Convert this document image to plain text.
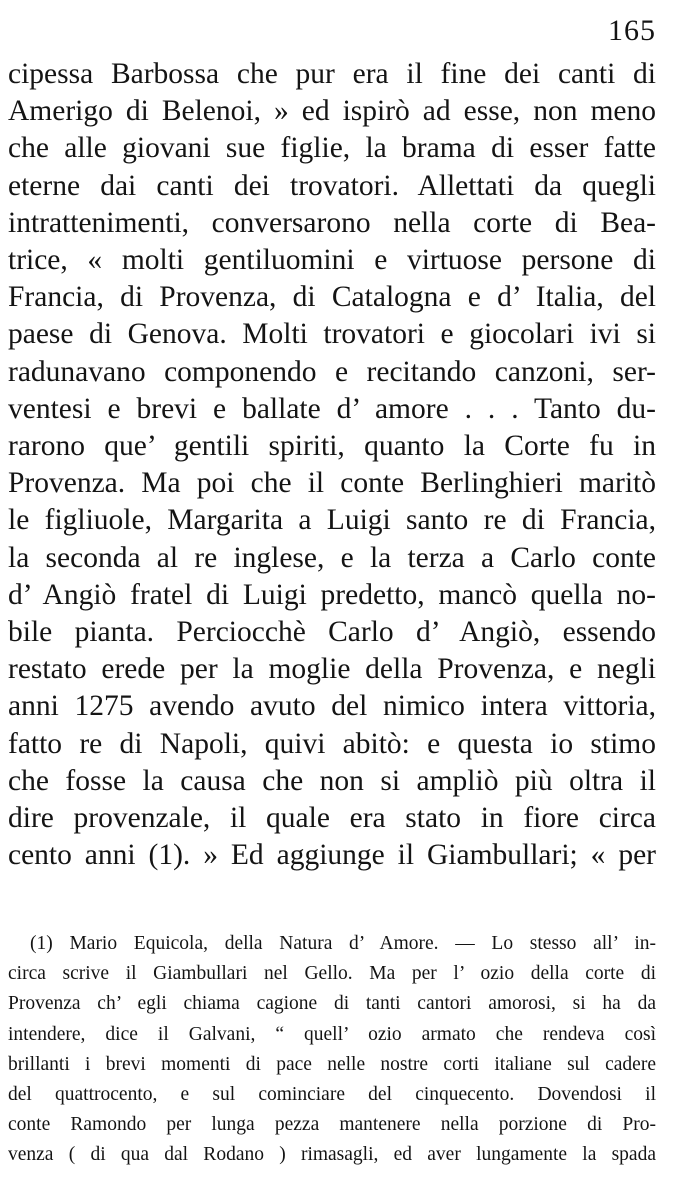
165
cipessa Barbossa che pur era il fine dei canti di
Amerigo di Belenoi, » ed ispirò ad esse, non meno
che alle giovani sue figlie, la brama di esser fatte
eterne dai canti dei trovatori. Allettati da quegli
intrattenimenti, conversarono nella corte di Bea-
trice, « molti gentiluomini e virtuose persone di
Francia, di Provenza, di Catalogna e d’ Italia, del
paese di Genova. Molti trovatori e giocolari ivi si
radunavano componendo e recitando canzoni, ser-
ventesi e brevi e ballate d’ amore . . . Tanto du-
rarono que’ gentili spiriti, quanto la Corte fu in
Provenza. Ma poi che il conte Berlinghieri maritò
le figliuole, Margarita a Luigi santo re di Francia,
la seconda al re inglese, e la terza a Carlo conte
d’ Angiò fratel di Luigi predetto, mancò quella no-
bile pianta. Perciocchè Carlo d’ Angiò, essendo
restato erede per la moglie della Provenza, e negli
anni 1275 avendo avuto del nimico intera vittoria,
fatto re di Napoli, quivi abitò: e questa io stimo
che fosse la causa che non si ampliò più oltra il
dire provenzale, il quale era stato in fiore circa
cento anni (1). » Ed aggiunge il Giambullari; « per
(1) Mario Equicola, della Natura d’ Amore. — Lo stesso all’ in-
circa scrive il Giambullari nel Gello. Ma per l’ ozio della corte di
Provenza ch’ egli chiama cagione di tanti cantori amorosi, si ha da
intendere, dice il Galvani, “ quell’ ozio armato che rendeva così
brillanti i brevi momenti di pace nelle nostre corti italiane sul cadere
del quattrocento, e sul cominciare del cinquecento. Dovendosi il
conte Ramondo per lunga pezza mantenere nella porzione di Pro-
venza ( di qua dal Rodano ) rimasagli, ed aver lungamente la spada
